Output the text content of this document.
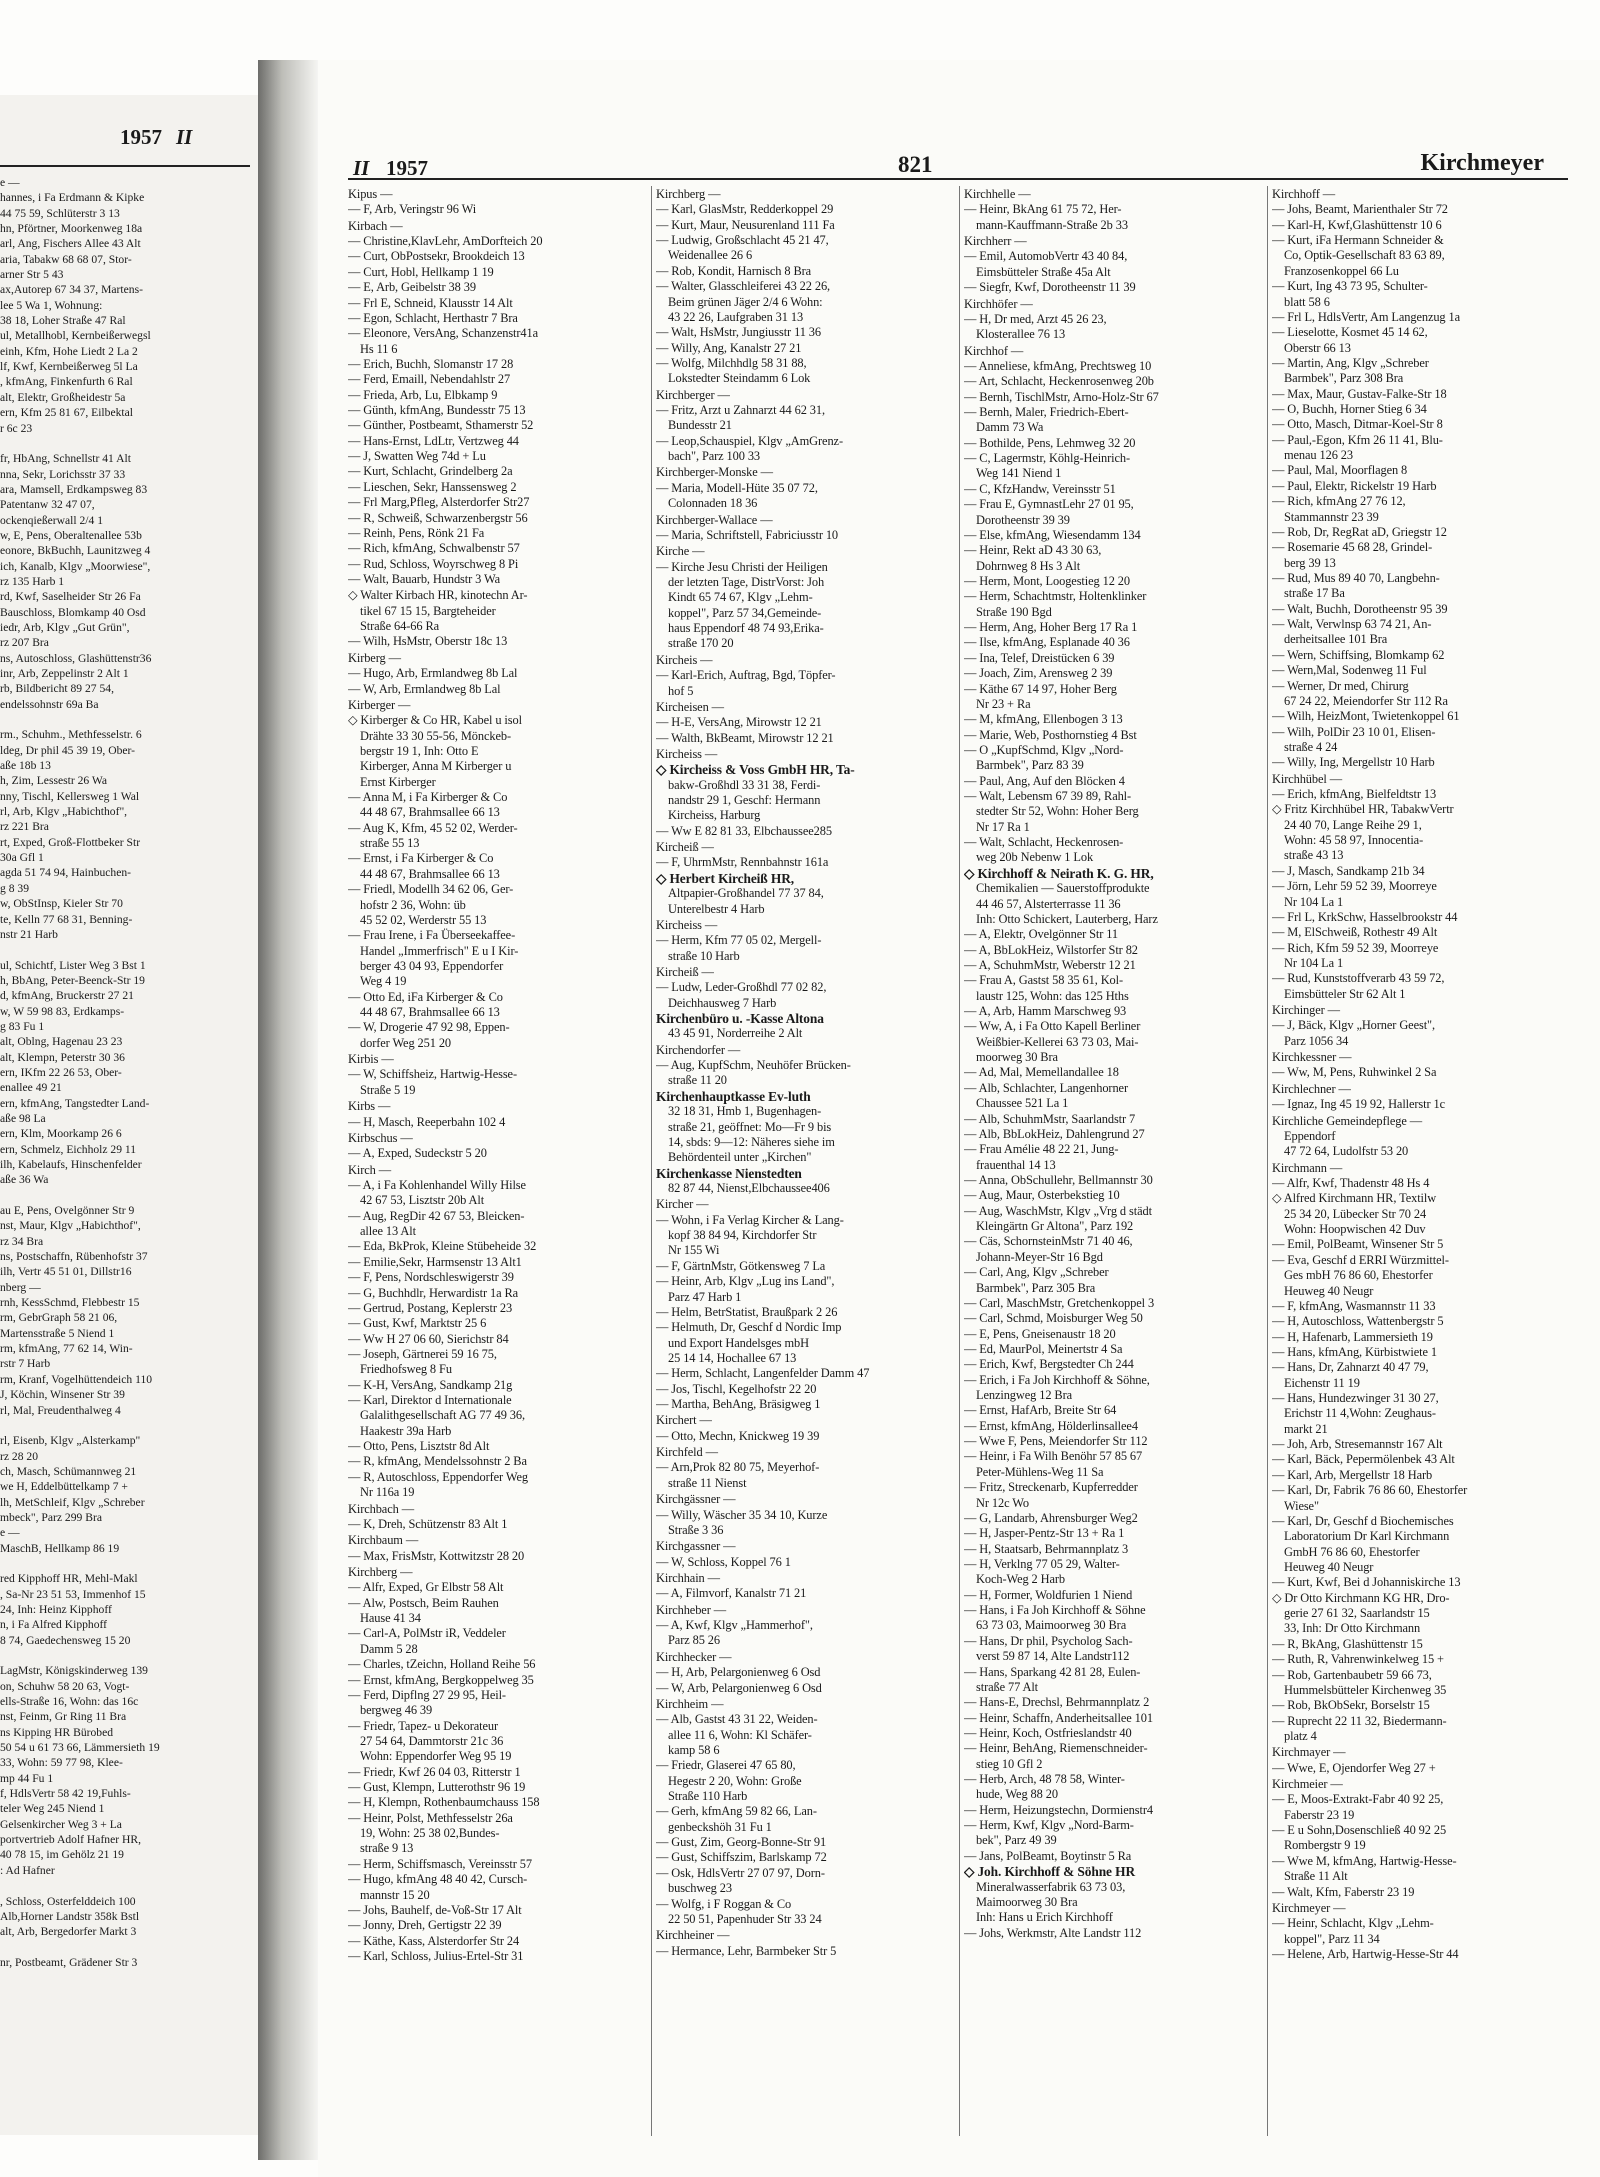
1957 II
e —
hannes, i Fa Erdmann & Kipke
44 75 59, Schlüterstr 3 13
hn, Pförtner, Moorkenweg 18a
arl, Ang, Fischers Allee 43 Alt
aria, Tabakw 68 68 07, Stor-
arner Str 5 43
ax,Autorep 67 34 37, Martens-
lee 5 Wa 1, Wohnung:
38 18, Loher Straße 47 Ral
ul, Metallhobl, Kernbeißerwegsl
einh, Kfm, Hohe Liedt 2 La 2
lf, Kwf, Kernbeißerweg 5l La
, kfmAng, Finkenfurth 6 Ral
alt, Elektr, Großheidestr 5a
ern, Kfm 25 81 67, Eilbektal
r 6c 23

fr, HbAng, Schnellstr 41 Alt
nna, Sekr, Lorichsstr 37 33
ara, Mamsell, Erdkampsweg 83
Patentanw 32 47 07,
ockenqießerwall 2/4 1
w, E, Pens, Oberaltenallee 53b
eonore, BkBuchh, Launitzweg 4
ich, Kanalb, Klgv „Moorwiese",
rz 135 Harb 1
rd, Kwf, Saselheider Str 26 Fa
Bauschloss, Blomkamp 40 Osd
iedr, Arb, Klgv „Gut Grün",
rz 207 Bra
ns, Autoschloss, Glashüttenstr36
inr, Arb, Zeppelinstr 2 Alt 1
rb, Bildbericht 89 27 54,
endelssohnstr 69a Ba

rm., Schuhm., Methfesselstr. 6
ldeg, Dr phil 45 39 19, Ober-
aße 18b 13
h, Zim, Lessestr 26 Wa
nny, Tischl, Kellersweg 1 Wal
rl, Arb, Klgv „Habichthof",
rz 221 Bra
rt, Exped, Groß-Flottbeker Str
30a Gfl 1
agda 51 74 94, Hainbuchen-
g 8 39
w, ObStInsp, Kieler Str 70
te, Kelln 77 68 31, Benning-
nstr 21 Harb

ul, Schichtf, Lister Weg 3 Bst 1
h, BbAng, Peter-Beenck-Str 19
d, kfmAng, Bruckerstr 27 21
w, W 59 98 83, Erdkamps-
g 83 Fu 1
alt, Oblng, Hagenau 23 23
alt, Klempn, Peterstr 30 36
ern, IKfm 22 26 53, Ober-
enallee 49 21
ern, kfmAng, Tangstedter Land-
aße 98 La
ern, Klm, Moorkamp 26 6
ern, Schmelz, Eichholz 29 11
ilh, Kabelaufs, Hinschenfelder
aße 36 Wa

au E, Pens, Ovelgönner Str 9
nst, Maur, Klgv „Habichthof",
rz 34 Bra
ns, Postschaffn, Rübenhofstr 37
ilh, Vertr 45 51 01, Dillstr16
nberg —
rnh, KessSchmd, Flebbestr 15
rm, GebrGraph 58 21 06,
Martensstraße 5 Niend 1
rm, kfmAng, 77 62 14, Win-
rstr 7 Harb
rm, Kranf, Vogelhüttendeich 110
J, Köchin, Winsener Str 39
rl, Mal, Freudenthalweg 4

rl, Eisenb, Klgv „Alsterkamp"
rz 28 20
ch, Masch, Schümannweg 21
we H, Eddelbüttelkamp 7 +
lh, MetSchleif, Klgv „Schreber
mbeck", Parz 299 Bra
e —
MaschB, Hellkamp 86 19

red Kipphoff HR, Mehl-Makl
, Sa-Nr 23 51 53, Immenhof 15
24, Inh: Heinz Kipphoff
n, i Fa Alfred Kipphoff
8 74, Gaedechensweg 15 20

LagMstr, Königskinderweg 139
on, Schuhw 58 20 63, Vogt-
ells-Straße 16, Wohn: das 16c
nst, Feinm, Gr Ring 11 Bra
ns Kipping HR Bürobed
50 54 u 61 73 66, Lämmersieth 19
33, Wohn: 59 77 98, Klee-
mp 44 Fu 1
f, HdlsVertr 58 42 19,Fuhls-
teler Weg 245 Niend 1
Gelsenkircher Weg 3 + La
portvertrieb Adolf Hafner HR,
40 78 15, im Gehölz 21 19
: Ad Hafner

, Schloss, Osterfelddeich 100
Alb,Horner Landstr 358k Bstl
alt, Arb, Bergedorfer Markt 3

nr, Postbeamt, Grädener Str 3
II 1957	821	Kirchmeyer
Kipus —
— F, Arb, Veringstr 96 Wi
Kirbach —
— Christine,KlavLehr, AmDorfteich 20
— Curt, ObPostsekr, Brookdeich 13
— Curt, Hobl, Hellkamp 1 19
— E, Arb, Geibelstr 38 39
— Frl E, Schneid, Klausstr 14 Alt
— Egon, Schlacht, Herthastr 7 Bra
— Eleonore, VersAng, Schanzenstr41a
Hs 11 6
— Erich, Buchh, Slomanstr 17 28
— Ferd, Emaill, Nebendahlstr 27
— Frieda, Arb, Lu, Elbkamp 9
— Günth, kfmAng, Bundesstr 75 13
— Günther, Postbeamt, Sthamerstr 52
— Hans-Ernst, LdLtr, Vertzweg 44
— J, Swatten Weg 74d + Lu
— Kurt, Schlacht, Grindelberg 2a
— Lieschen, Sekr, Hanssensweg 2
— Frl Marg,Pfleg, Alsterdorfer Str27
— R, Schweiß, Schwarzenbergstr 56
— Reinh, Pens, Rönk 21 Fa
— Rich, kfmAng, Schwalbenstr 57
— Rud, Schloss, Woyrschweg 8 Pi
— Walt, Bauarb, Hundstr 3 Wa
◇ Walter Kirbach HR, kinotechn Ar-
tikel 67 15 15, Bargteheider
Straße 64-66 Ra
— Wilh, HsMstr, Oberstr 18c 13
Kirberg —
— Hugo, Arb, Ermlandweg 8b Lal
— W, Arb, Ermlandweg 8b Lal
Kirberger —
◇ Kirberger & Co HR, Kabel u isol
Drähte 33 30 55-56, Mönckeb-
bergstr 19 1, Inh: Otto E
Kirberger, Anna M Kirberger u
Ernst Kirberger
— Anna M, i Fa Kirberger & Co
44 48 67, Brahmsallee 66 13
— Aug K, Kfm, 45 52 02, Werder-
straße 55 13
— Ernst, i Fa Kirberger & Co
44 48 67, Brahmsallee 66 13
— Friedl, Modellh 34 62 06, Ger-
hofstr 2 36, Wohn: üb
45 52 02, Werderstr 55 13
— Frau Irene, i Fa Überseekaffee-
Handel „Immerfrisch" E u I Kir-
berger 43 04 93, Eppendorfer
Weg 4 19
— Otto Ed, iFa Kirberger & Co
44 48 67, Brahmsallee 66 13
— W, Drogerie 47 92 98, Eppen-
dorfer Weg 251 20
Kirbis —
— W, Schiffsheiz, Hartwig-Hesse-
Straße 5 19
Kirbs —
— H, Masch, Reeperbahn 102 4
Kirbschus —
— A, Exped, Sudeckstr 5 20
Kirch —
— A, i Fa Kohlenhandel Willy Hilse
42 67 53, Lisztstr 20b Alt
— Aug, RegDir 42 67 53, Bleicken-
allee 13 Alt
— Eda, BkProk, Kleine Stübeheide 32
— Emilie,Sekr, Harmsenstr 13 Alt1
— F, Pens, Nordschleswigerstr 39
— G, Buchhdlr, Herwardistr 1a Ra
— Gertrud, Postang, Keplerstr 23
— Gust, Kwf, Marktstr 25 6
— Ww H 27 06 60, Sierichstr 84
— Joseph, Gärtnerei 59 16 75,
Friedhofsweg 8 Fu
— K-H, VersAng, Sandkamp 21g
— Karl, Direktor d Internationale
Galalithgesellschaft AG 77 49 36,
Haakestr 39a Harb
— Otto, Pens, Lisztstr 8d Alt
— R, kfmAng, Mendelssohnstr 2 Ba
— R, Autoschloss, Eppendorfer Weg
Nr 116a 19
Kirchbach —
— K, Dreh, Schützenstr 83 Alt 1
Kirchbaum —
— Max, FrisMstr, Kottwitzstr 28 20
Kirchberg —
— Alfr, Exped, Gr Elbstr 58 Alt
— Alw, Postsch, Beim Rauhen
Hause 41 34
— Carl-A, PolMstr iR, Veddeler
Damm 5 28
— Charles, tZeichn, Holland Reihe 56
— Ernst, kfmAng, Bergkoppelweg 35
— Ferd, Dipflng 27 29 95, Heil-
bergweg 46 39
— Friedr, Tapez- u Dekorateur
27 54 64, Dammtorstr 21c 36
Wohn: Eppendorfer Weg 95 19
— Friedr, Kwf 26 04 03, Ritterstr 1
— Gust, Klempn, Lutterothstr 96 19
— H, Klempn, Rothenbaumchauss 158
— Heinr, Polst, Methfesselstr 26a
19, Wohn: 25 38 02,Bundes-
straße 9 13
— Herm, Schiffsmasch, Vereinsstr 57
— Hugo, kfmAng 48 40 42, Cursch-
mannstr 15 20
— Johs, Bauhelf, de-Voß-Str 17 Alt
— Jonny, Dreh, Gertigstr 22 39
— Käthe, Kass, Alsterdorfer Str 24
— Karl, Schloss, Julius-Ertel-Str 31
Kirchberg —
— Karl, GlasMstr, Redderkoppel 29
— Kurt, Maur, Neusurenland 111 Fa
— Ludwig, Großschlacht 45 21 47,
Weidenallee 26 6
— Rob, Kondit, Harnisch 8 Bra
— Walter, Glasschleiferei 43 22 26,
Beim grünen Jäger 2/4 6 Wohn:
43 22 26, Laufgraben 31 13
— Walt, HsMstr, Jungiusstr 11 36
— Willy, Ang, Kanalstr 27 21
— Wolfg, Milchhdlg 58 31 88,
Lokstedter Steindamm 6 Lok
Kirchberger —
— Fritz, Arzt u Zahnarzt 44 62 31,
Bundesstr 21
— Leop,Schauspiel, Klgv „AmGrenz-
bach", Parz 100 33
Kirchberger-Monske —
— Maria, Modell-Hüte 35 07 72,
Colonnaden 18 36
Kirchberger-Wallace —
— Maria, Schriftstell, Fabriciusstr 10
Kirche —
— Kirche Jesu Christi der Heiligen
der letzten Tage, DistrVorst: Joh
Kindt 65 74 67, Klgv „Lehm-
koppel", Parz 57 34,Gemeinde-
haus Eppendorf 48 74 93,Erika-
straße 170 20
Kircheis —
— Karl-Erich, Auftrag, Bgd, Töpfer-
hof 5
Kircheisen —
— H-E, VersAng, Mirowstr 12 21
— Walth, BkBeamt, Mirowstr 12 21
Kircheiss —
◇ Kircheiss & Voss GmbH HR, Ta-
bakw-Großhdl 33 31 38, Ferdi-
nandstr 29 1, Geschf: Hermann
Kircheiss, Harburg
— Ww E 82 81 33, Elbchaussee285
Kircheiß —
— F, UhrmMstr, Rennbahnstr 161a
◇ Herbert Kircheiß HR,
Altpapier-Großhandel 77 37 84,
Unterelbestr 4 Harb
Kircheiss —
— Herm, Kfm 77 05 02, Mergell-
straße 10 Harb
Kircheiß —
— Ludw, Leder-Großhdl 77 02 82,
Deichhausweg 7 Harb
Kirchenbüro u. -Kasse Altona
43 45 91, Norderreihe 2 Alt
Kirchendorfer —
— Aug, KupfSchm, Neuhöfer Brücken-
straße 11 20
Kirchenhauptkasse Ev-luth
32 18 31, Hmb 1, Bugenhagen-
straße 21, geöffnet: Mo—Fr 9 bis
14, sbds: 9—12: Näheres siehe im
Behördenteil unter „Kirchen"
Kirchenkasse Nienstedten
82 87 44, Nienst,Elbchaussee406
Kircher —
— Wohn, i Fa Verlag Kircher & Lang-
kopf 38 84 94, Kirchdorfer Str
Nr 155 Wi
— F, GärtnMstr, Götkensweg 7 La
— Heinr, Arb, Klgv „Lug ins Land",
Parz 47 Harb 1
— Helm, BetrStatist, Braußpark 2 26
— Helmuth, Dr, Geschf d Nordic Imp
und Export Handelsges mbH
25 14 14, Hochallee 67 13
— Herm, Schlacht, Langenfelder Damm 47
— Jos, Tischl, Kegelhofstr 22 20
— Martha, BehAng, Bräsigweg 1
Kirchert —
— Otto, Mechn, Knickweg 19 39
Kirchfeld —
— Arn,Prok 82 80 75, Meyerhof-
straße 11 Nienst
Kirchgässner —
— Willy, Wäscher 35 34 10, Kurze
Straße 3 36
Kirchgassner —
— W, Schloss, Koppel 76 1
Kirchhain —
— A, Filmvorf, Kanalstr 71 21
Kirchheber —
— A, Kwf, Klgv „Hammerhof",
Parz 85 26
Kirchhecker —
— H, Arb, Pelargonienweg 6 Osd
— W, Arb, Pelargonienweg 6 Osd
Kirchheim —
— Alb, Gastst 43 31 22, Weiden-
allee 11 6, Wohn: Kl Schäfer-
kamp 58 6
— Friedr, Glaserei 47 65 80,
Hegestr 2 20, Wohn: Große
Straße 110 Harb
— Gerh, kfmAng 59 82 66, Lan-
genbeckshöh 31 Fu 1
— Gust, Zim, Georg-Bonne-Str 91
— Gust, Schiffszim, Barlskamp 72
— Osk, HdlsVertr 27 07 97, Dorn-
buschweg 23
— Wolfg, i F Roggan & Co
22 50 51, Papenhuder Str 33 24
Kirchheiner —
— Hermance, Lehr, Barmbeker Str 5
Kirchhelle —
— Heinr, BkAng 61 75 72, Her-
mann-Kauffmann-Straße 2b 33
Kirchherr —
— Emil, AutomobVertr 43 40 84,
Eimsbütteler Straße 45a Alt
— Siegfr, Kwf, Dorotheenstr 11 39
Kirchhöfer —
— H, Dr med, Arzt 45 26 23,
Klosterallee 76 13
Kirchhof —
— Anneliese, kfmAng, Prechtsweg 10
— Art, Schlacht, Heckenrosenweg 20b
— Bernh, TischlMstr, Arno-Holz-Str 67
— Bernh, Maler, Friedrich-Ebert-
Damm 73 Wa
— Bothilde, Pens, Lehmweg 32 20
— C, Lagermstr, Köhlg-Heinrich-
Weg 141 Niend 1
— C, KfzHandw, Vereinsstr 51
— Frau E, GymnastLehr 27 01 95,
Dorotheenstr 39 39
— Else, kfmAng, Wiesendamm 134
— Heinr, Rekt aD 43 30 63,
Dohrnweg 8 Hs 3 Alt
— Herm, Mont, Loogestieg 12 20
— Herm, Schachtmstr, Holtenklinker
Straße 190 Bgd
— Herm, Ang, Hoher Berg 17 Ra 1
— Ilse, kfmAng, Esplanade 40 36
— Ina, Telef, Dreistücken 6 39
— Joach, Zim, Arensweg 2 39
— Käthe 67 14 97, Hoher Berg
Nr 23 + Ra
— M, kfmAng, Ellenbogen 3 13
— Marie, Web, Posthornstieg 4 Bst
— O „KupfSchmd, Klgv „Nord-
Barmbek", Parz 83 39
— Paul, Ang, Auf den Blöcken 4
— Walt, Lebensm 67 39 89, Rahl-
stedter Str 52, Wohn: Hoher Berg
Nr 17 Ra 1
— Walt, Schlacht, Heckenrosen-
weg 20b Nebenw 1 Lok
◇ Kirchhoff & Neirath K. G. HR,
Chemikalien — Sauerstoffprodukte
44 46 57, Alsterterrasse 11 36
Inh: Otto Schickert, Lauterberg, Harz
— A, Elektr, Ovelgönner Str 11
— A, BbLokHeiz, Wilstorfer Str 82
— A, SchuhmMstr, Weberstr 12 21
— Frau A, Gastst 58 35 61, Kol-
laustr 125, Wohn: das 125 Hths
— A, Arb, Hamm Marschweg 93
— Ww, A, i Fa Otto Kapell Berliner
Weißbier-Kellerei 63 73 03, Mai-
moorweg 30 Bra
— Ad, Mal, Memellandallee 18
— Alb, Schlachter, Langenhorner
Chaussee 521 La 1
— Alb, SchuhmMstr, Saarlandstr 7
— Alb, BbLokHeiz, Dahlengrund 27
— Frau Amélie 48 22 21, Jung-
frauenthal 14 13
— Anna, ObSchullehr, Bellmannstr 30
— Aug, Maur, Osterbekstieg 10
— Aug, WaschMstr, Klgv „Vrg d städt
Kleingärtn Gr Altona", Parz 192
— Cäs, SchornsteinMstr 71 40 46,
Johann-Meyer-Str 16 Bgd
— Carl, Ang, Klgv „Schreber
Barmbek", Parz 305 Bra
— Carl, MaschMstr, Gretchenkoppel 3
— Carl, Schmd, Moisburger Weg 50
— E, Pens, Gneisenaustr 18 20
— Ed, MaurPol, Meinertstr 4 Sa
— Erich, Kwf, Bergstedter Ch 244
— Erich, i Fa Joh Kirchhoff & Söhne,
Lenzingweg 12 Bra
— Ernst, HafArb, Breite Str 64
— Ernst, kfmAng, Hölderlinsallee4
— Wwe F, Pens, Meiendorfer Str 112
— Heinr, i Fa Wilh Benöhr 57 85 67
Peter-Mühlens-Weg 11 Sa
— Fritz, Streckenarb, Kupferredder
Nr 12c Wo
— G, Landarb, Ahrensburger Weg2
— H, Jasper-Pentz-Str 13 + Ra 1
— H, Staatsarb, Behrmannplatz 3
— H, Verklng 77 05 29, Walter-
Koch-Weg 2 Harb
— H, Former, Woldfurien 1 Niend
— Hans, i Fa Joh Kirchhoff & Söhne
63 73 03, Maimoorweg 30 Bra
— Hans, Dr phil, Psycholog Sach-
verst 59 87 14, Alte Landstr112
— Hans, Sparkang 42 81 28, Eulen-
straße 77 Alt
— Hans-E, Drechsl, Behrmannplatz 2
— Heinr, Schaffn, Anderheitsallee 101
— Heinr, Koch, Ostfrieslandstr 40
— Heinr, BehAng, Riemenschneider-
stieg 10 Gfl 2
— Herb, Arch, 48 78 58, Winter-
hude, Weg 88 20
— Herm, Heizungstechn, Dormienstr4
— Herm, Kwf, Klgv „Nord-Barm-
bek", Parz 49 39
— Jans, PolBeamt, Boytinstr 5 Ra
◇ Joh. Kirchhoff & Söhne HR
Mineralwasserfabrik 63 73 03,
Maimoorweg 30 Bra
Inh: Hans u Erich Kirchhoff
— Johs, Werkmstr, Alte Landstr 112
Kirchhoff —
— Johs, Beamt, Marienthaler Str 72
— Karl-H, Kwf,Glashüttenstr 10 6
— Kurt, iFa Hermann Schneider &
Co, Optik-Gesellschaft 83 63 89,
Franzosenkoppel 66 Lu
— Kurt, Ing 43 73 95, Schulter-
blatt 58 6
— Frl L, HdlsVertr, Am Langenzug 1a
— Lieselotte, Kosmet 45 14 62,
Oberstr 66 13
— Martin, Ang, Klgv „Schreber
Barmbek", Parz 308 Bra
— Max, Maur, Gustav-Falke-Str 18
— O, Buchh, Horner Stieg 6 34
— Otto, Masch, Ditmar-Koel-Str 8
— Paul,-Egon, Kfm 26 11 41, Blu-
menau 126 23
— Paul, Mal, Moorflagen 8
— Paul, Elektr, Rickelstr 19 Harb
— Rich, kfmAng 27 76 12,
Stammannstr 23 39
— Rob, Dr, RegRat aD, Griegstr 12
— Rosemarie 45 68 28, Grindel-
berg 39 13
— Rud, Mus 89 40 70, Langbehn-
straße 17 Ba
— Walt, Buchh, Dorotheenstr 95 39
— Walt, Verwlnsp 63 74 21, An-
derheitsallee 101 Bra
— Wern, Schiffsing, Blomkamp 62
— Wern,Mal, Sodenweg 11 Ful
— Werner, Dr med, Chirurg
67 24 22, Meiendorfer Str 112 Ra
— Wilh, HeizMont, Twietenkoppel 61
— Wilh, PolDir 23 10 01, Elisen-
straße 4 24
— Willy, Ing, Mergellstr 10 Harb
Kirchhübel —
— Erich, kfmAng, Bielfeldtstr 13
◇ Fritz Kirchhübel HR, TabakwVertr
24 40 70, Lange Reihe 29 1,
Wohn: 45 58 97, Innocentia-
straße 43 13
— J, Masch, Sandkamp 21b 34
— Jörn, Lehr 59 52 39, Moorreye
Nr 104 La 1
— Frl L, KrkSchw, Hasselbrookstr 44
— M, ElSchweiß, Rothestr 49 Alt
— Rich, Kfm 59 52 39, Moorreye
Nr 104 La 1
— Rud, Kunststoffverarb 43 59 72,
Eimsbütteler Str 62 Alt 1
Kirchinger —
— J, Bäck, Klgv „Horner Geest",
Parz 1056 34
Kirchkessner —
— Ww, M, Pens, Ruhwinkel 2 Sa
Kirchlechner —
— Ignaz, Ing 45 19 92, Hallerstr 1c
Kirchliche Gemeindepflege —
Eppendorf
47 72 64, Ludolfstr 53 20
Kirchmann —
— Alfr, Kwf, Thadenstr 48 Hs 4
◇ Alfred Kirchmann HR, Textilw
25 34 20, Lübecker Str 70 24
Wohn: Hoopwischen 42 Duv
— Emil, PolBeamt, Winsener Str 5
— Eva, Geschf d ERRI Würzmittel-
Ges mbH 76 86 60, Ehestorfer
Heuweg 40 Neugr
— F, kfmAng, Wasmannstr 11 33
— H, Autoschloss, Wattenbergstr 5
— H, Hafenarb, Lammersieth 19
— Hans, kfmAng, Kürbistwiete 1
— Hans, Dr, Zahnarzt 40 47 79,
Eichenstr 11 19
— Hans, Hundezwinger 31 30 27,
Erichstr 11 4,Wohn: Zeughaus-
markt 21
— Joh, Arb, Stresemannstr 167 Alt
— Karl, Bäck, Pepermölenbek 43 Alt
— Karl, Arb, Mergellstr 18 Harb
— Karl, Dr, Fabrik 76 86 60, Ehestorfer
Wiese"
— Karl, Dr, Geschf d Biochemisches
Laboratorium Dr Karl Kirchmann
GmbH 76 86 60, Ehestorfer
Heuweg 40 Neugr
— Kurt, Kwf, Bei d Johanniskirche 13
◇ Dr Otto Kirchmann KG HR, Dro-
gerie 27 61 32, Saarlandstr 15
33, Inh: Dr Otto Kirchmann
— R, BkAng, Glashüttenstr 15
— Ruth, R, Vahrenwinkelweg 15 +
— Rob, Gartenbaubetr 59 66 73,
Hummelsbütteler Kirchenweg 35
— Rob, BkObSekr, Borselstr 15
— Ruprecht 22 11 32, Biedermann-
platz 4
Kirchmayer —
— Wwe, E, Ojendorfer Weg 27 +
Kirchmeier —
— E, Moos-Extrakt-Fabr 40 92 25,
Faberstr 23 19
— E u Sohn,Dosenschließ 40 92 25
Rombergstr 9 19
— Wwe M, kfmAng, Hartwig-Hesse-
Straße 11 Alt
— Walt, Kfm, Faberstr 23 19
Kirchmeyer —
— Heinr, Schlacht, Klgv „Lehm-
koppel", Parz 11 34
— Helene, Arb, Hartwig-Hesse-Str 44
